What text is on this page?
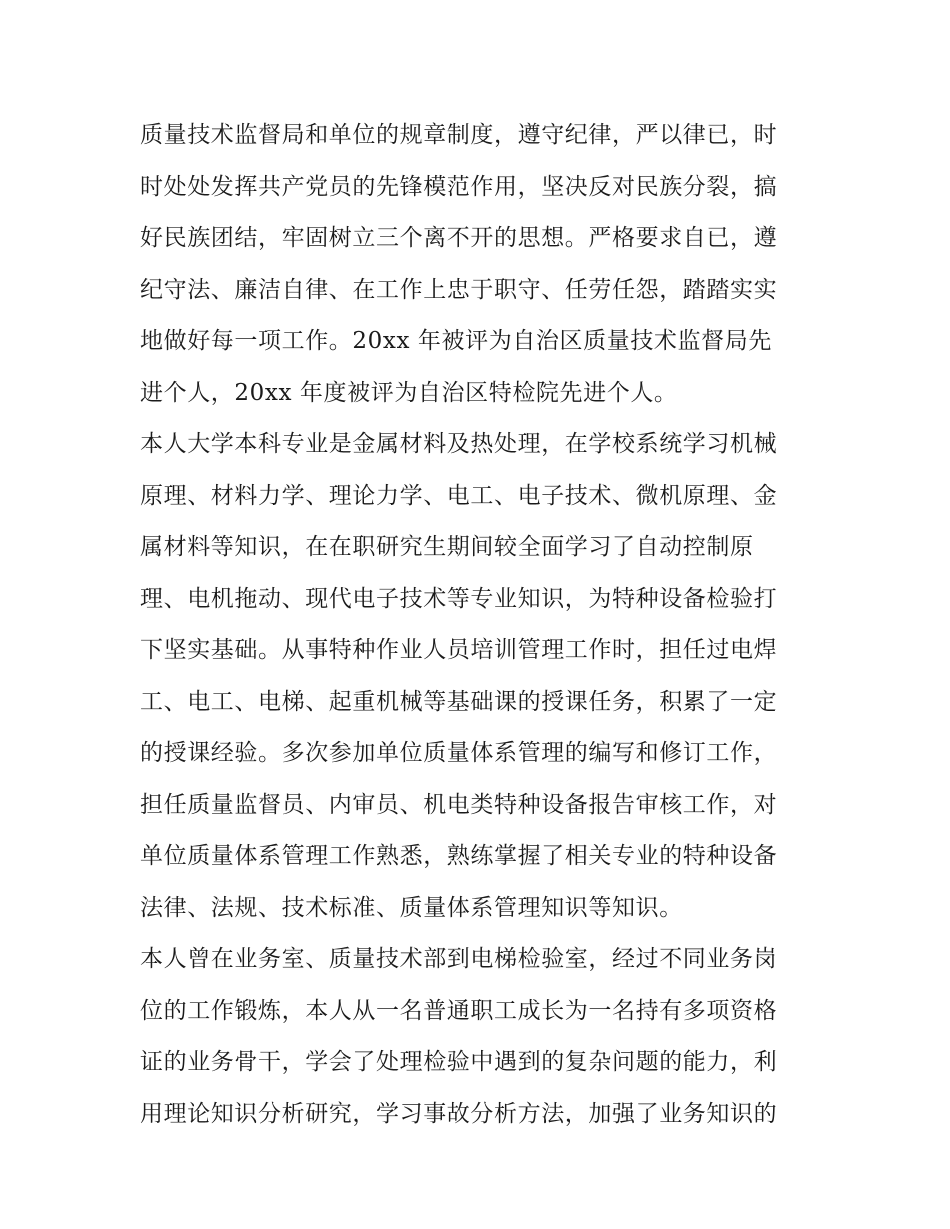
质量技术监督局和单位的规章制度，遵守纪律，严以律已，时
时处处发挥共产党员的先锋模范作用，坚决反对民族分裂，搞
好民族团结，牢固树立三个离不开的思想。严格要求自已，遵
纪守法、廉洁自律、在工作上忠于职守、任劳任怨，踏踏实实
地做好每一项工作。20xx 年被评为自治区质量技术监督局先
进个人，20xx 年度被评为自治区特检院先进个人。
本人大学本科专业是金属材料及热处理，在学校系统学习机械
原理、材料力学、理论力学、电工、电子技术、微机原理、金
属材料等知识，在在职研究生期间较全面学习了自动控制原
理、电机拖动、现代电子技术等专业知识，为特种设备检验打
下坚实基础。从事特种作业人员培训管理工作时，担任过电焊
工、电工、电梯、起重机械等基础课的授课任务，积累了一定
的授课经验。多次参加单位质量体系管理的编写和修订工作，
担任质量监督员、内审员、机电类特种设备报告审核工作，对
单位质量体系管理工作熟悉，熟练掌握了相关专业的特种设备
法律、法规、技术标准、质量体系管理知识等知识。
本人曾在业务室、质量技术部到电梯检验室，经过不同业务岗
位的工作锻炼，本人从一名普通职工成长为一名持有多项资格
证的业务骨干，学会了处理检验中遇到的复杂问题的能力，利
用理论知识分析研究，学习事故分析方法，加强了业务知识的
